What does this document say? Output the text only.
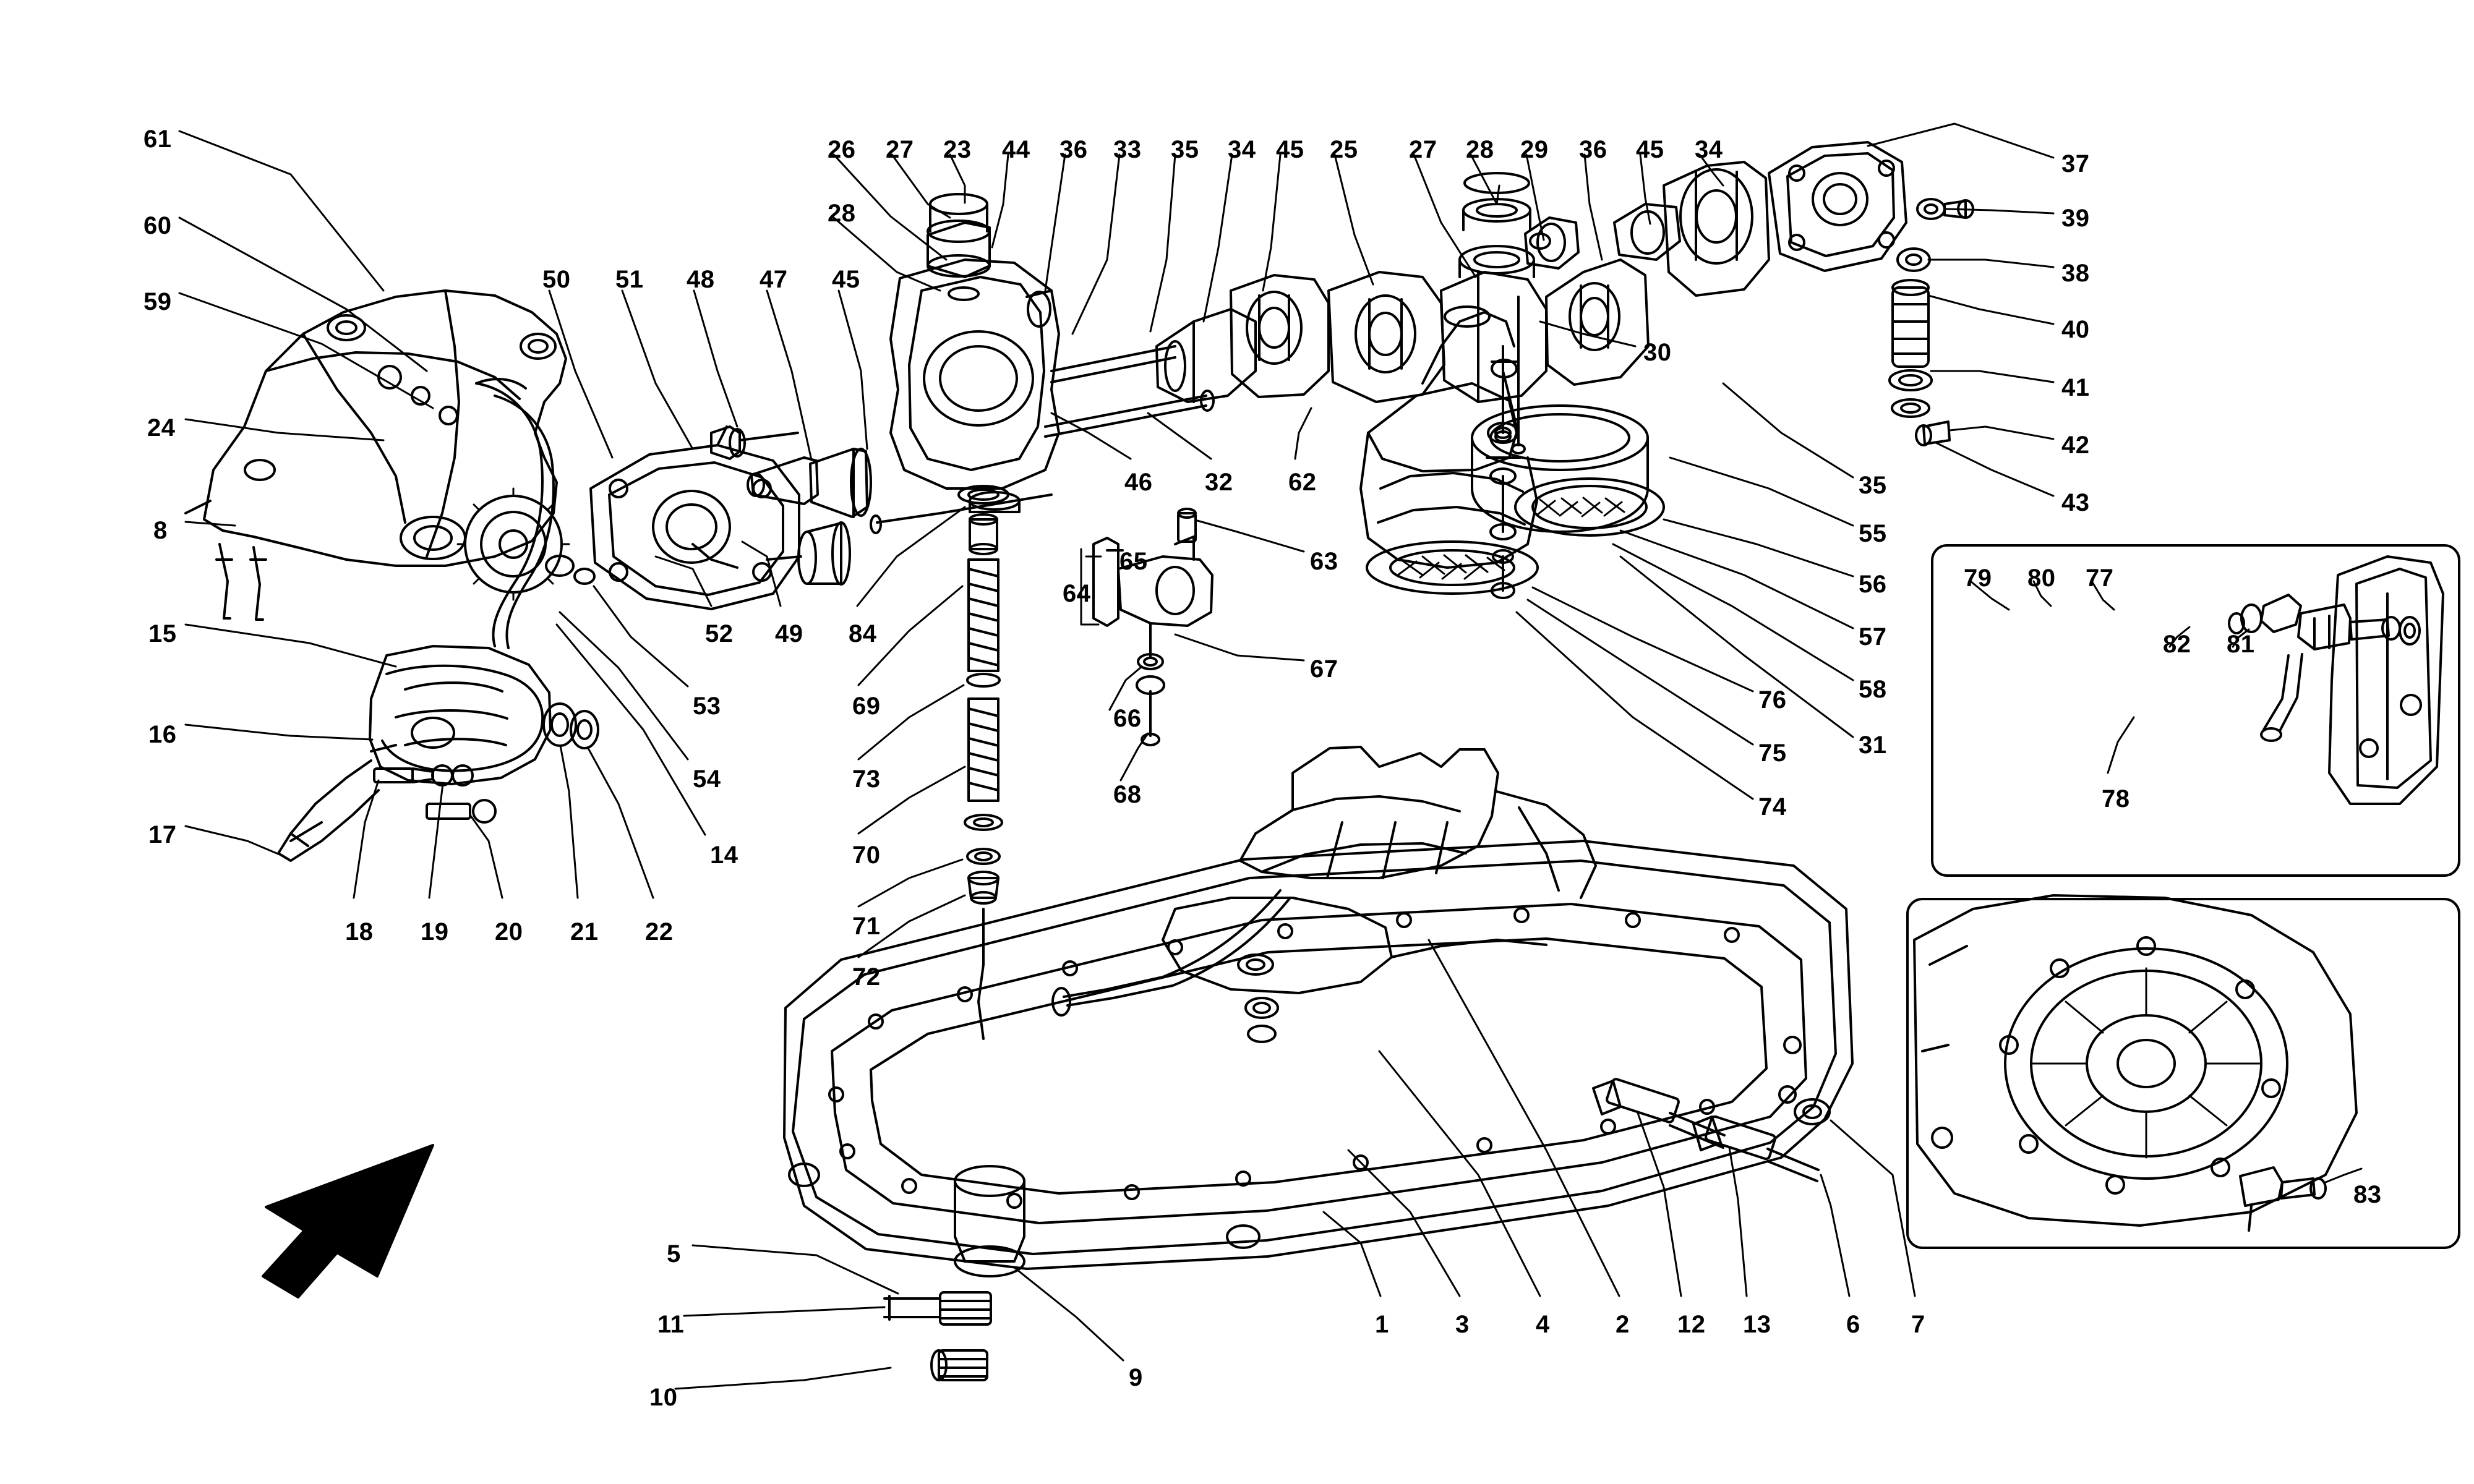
61
60
59
24
8
15
16
17
18 19 20 21 22
50 51 48 47 45
52 49 84
53
54
14
26 27 23 44 36 33 35 34 45 25 27 28 29 36 45 34
28
37
39
38
40
41
42
43
30
35
55
56
57
58
31
76
75
74
46 32 62
69
73
70
71
72
65
64
63
66
67
68
5
11
10
9
1	3	4	2 12 13	6 7
79 80 77
82 81
78
83
